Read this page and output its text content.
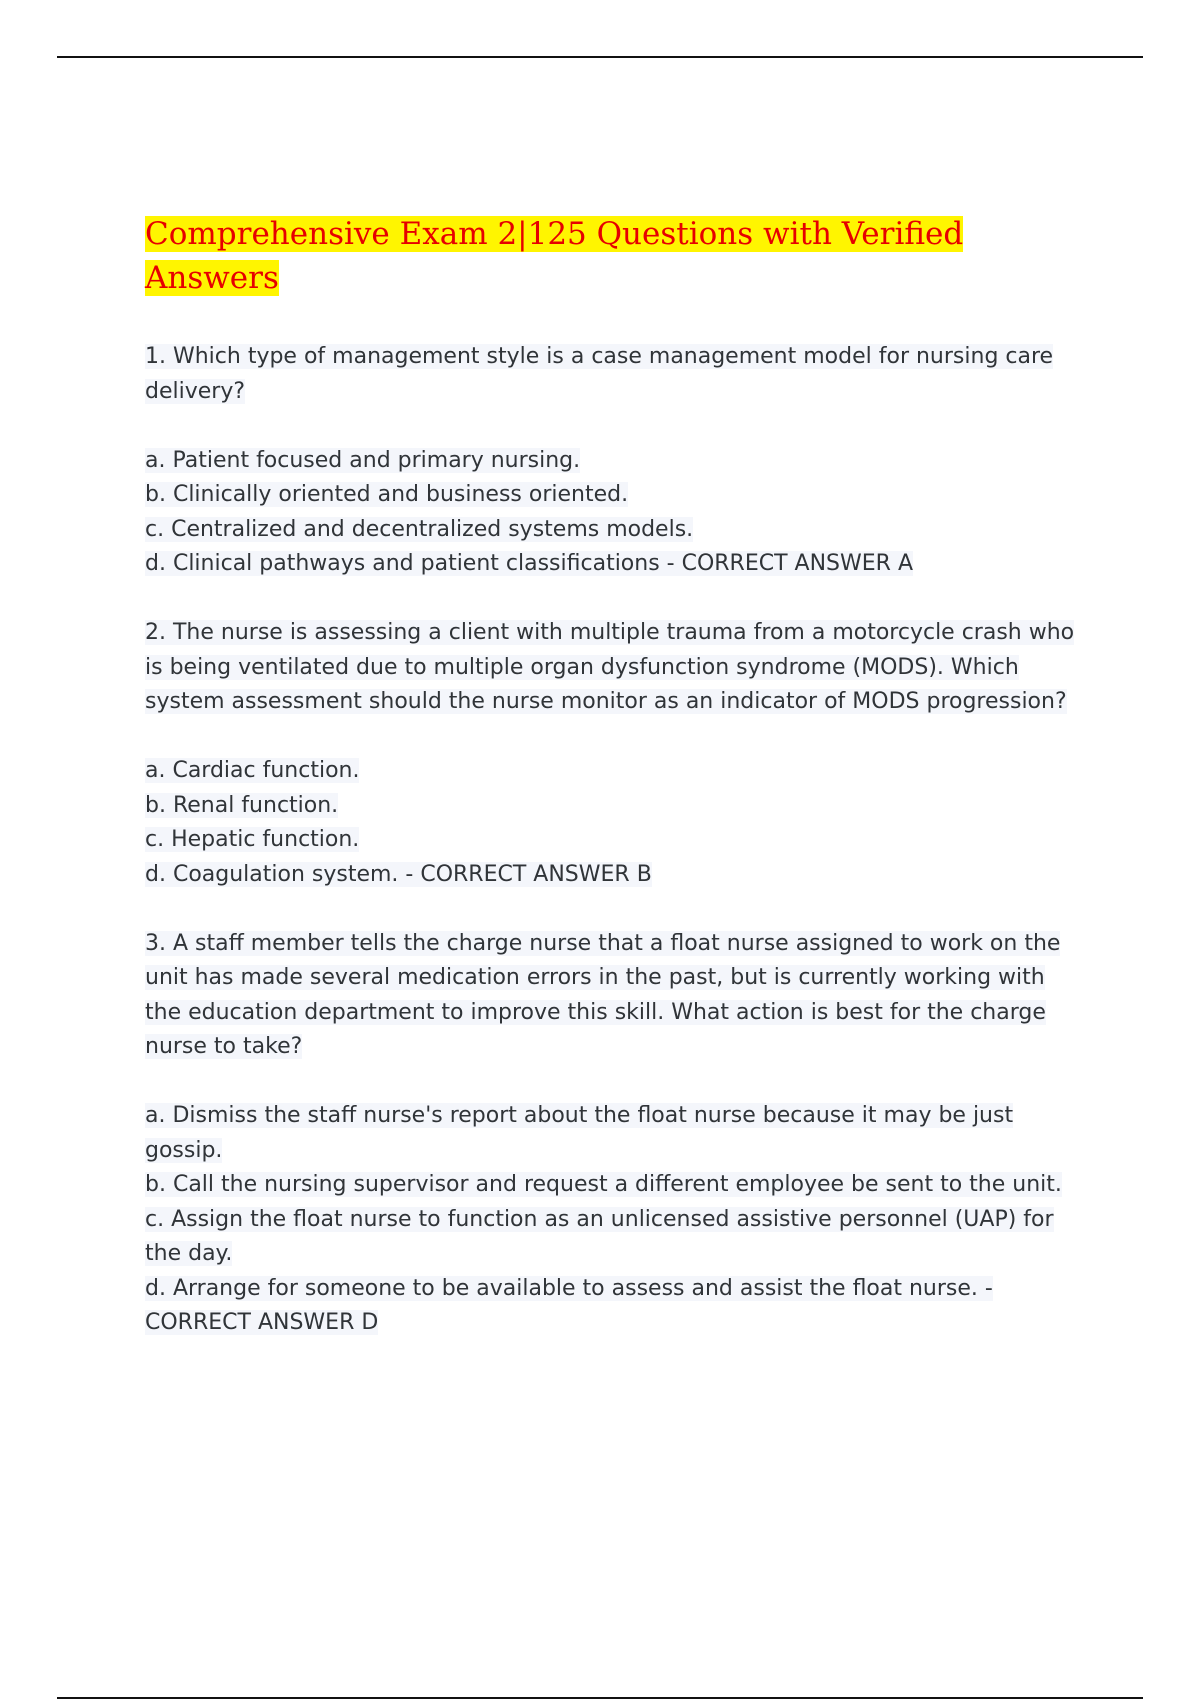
Comprehensive Exam 2|125 Questions with Verified Answers

1. Which type of management style is a case management model for nursing care delivery?

a. Patient focused and primary nursing.
b. Clinically oriented and business oriented.
c. Centralized and decentralized systems models.
d. Clinical pathways and patient classifications - CORRECT ANSWER A

2. The nurse is assessing a client with multiple trauma from a motorcycle crash who is being ventilated due to multiple organ dysfunction syndrome (MODS). Which system assessment should the nurse monitor as an indicator of MODS progression?

a. Cardiac function.
b. Renal function.
c. Hepatic function.
d. Coagulation system. - CORRECT ANSWER B

3. A staff member tells the charge nurse that a float nurse assigned to work on the unit has made several medication errors in the past, but is currently working with the education department to improve this skill. What action is best for the charge nurse to take?

a. Dismiss the staff nurse's report about the float nurse because it may be just gossip.
b. Call the nursing supervisor and request a different employee be sent to the unit.
c. Assign the float nurse to function as an unlicensed assistive personnel (UAP) for the day.
d. Arrange for someone to be available to assess and assist the float nurse. - CORRECT ANSWER D
